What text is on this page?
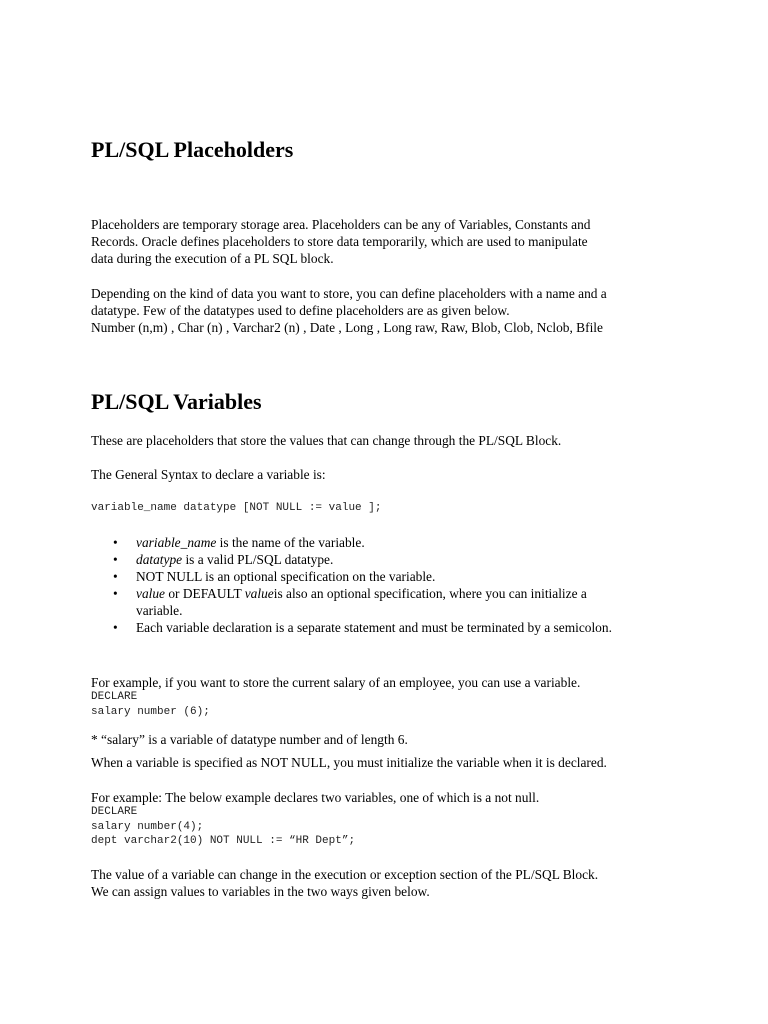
PL/SQL Placeholders

Placeholders are temporary storage area. Placeholders can be any of Variables, Constants and
Records. Oracle defines placeholders to store data temporarily, which are used to manipulate
data during the execution of a PL SQL block.

Depending on the kind of data you want to store, you can define placeholders with a name and a
datatype. Few of the datatypes used to define placeholders are as given below.
Number (n,m) , Char (n) , Varchar2 (n) , Date , Long , Long raw, Raw, Blob, Clob, Nclob, Bfile

PL/SQL Variables

These are placeholders that store the values that can change through the PL/SQL Block.

The General Syntax to declare a variable is:

variable_name datatype [NOT NULL := value ];
• variable_name is the name of the variable.
• datatype is a valid PL/SQL datatype.
• NOT NULL is an optional specification on the variable.
• value or DEFAULT valueis also an optional specification, where you can initialize a
variable.
• Each variable declaration is a separate statement and must be terminated by a semicolon.

For example, if you want to store the current salary of an employee, you can use a variable.

DECLARE
salary number (6);

* “salary” is a variable of datatype number and of length 6.

When a variable is specified as NOT NULL, you must initialize the variable when it is declared.

For example: The below example declares two variables, one of which is a not null.

DECLARE
salary number(4);
dept varchar2(10) NOT NULL := “HR Dept”;

The value of a variable can change in the execution or exception section of the PL/SQL Block.
We can assign values to variables in the two ways given below.
